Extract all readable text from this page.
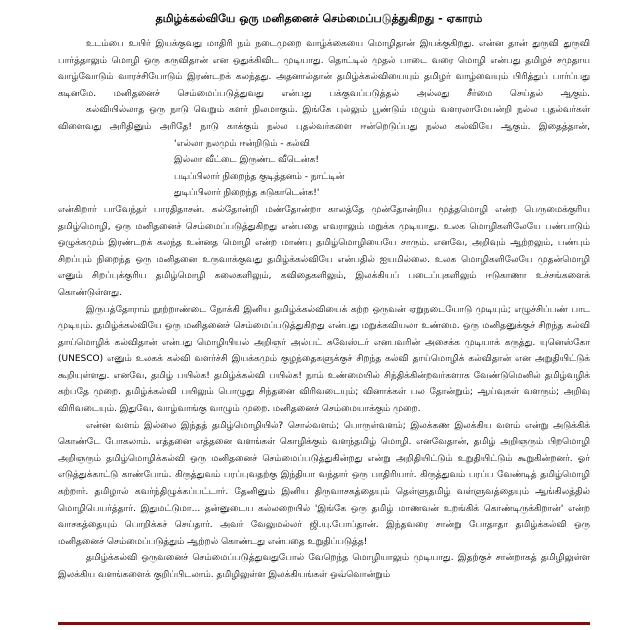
தமிழ்க்கல்வியே ஒரு மனிதனைச் செம்மைப்படுத்துகிறது - ஏகாரம்

உடம்பை உயிர் இயக்குவது மாதிரி நம் நடைமுறை வாழ்க்கையை மொழிதான் இயக்குகிறது. என்ன தான் துருவி துருவி பார்த்தாலும் மொழி ஒரு கருவிதான் என ஒதுக்கிவிட முடியாது. தொட்டில் முதல் பாடை வரை மொழி என்பது தமிழச் சமுதாய வாழ்வோடும் வாரச்சியோடும் இரண்டறக் கலந்தது. அதனால்தான் தமிழ்க்கல்வியையும் தமிழர் வாழ்வையும் பிரித்துப் பார்ப்பது கடினமே. மனிதனைச் செம்மைப்படுத்துவது என்பது பக்குவப்படுத்தல் அல்லது சீர்மை செய்தல் ஆகும்.

கல்வியில்லாத ஒரு நாடு வெறும் களர் நிலமாகும். இங்கே புல்லும் பூண்டும் மழும் வளரலாமேயன்றி நல்ல புதல்வர்கள் விளைவது அரிதினும் அரிதே! நாடு காக்கும் நல்ல புதல்வர்களை ஈன்றெடுப்பது நல்ல கல்வியே ஆகும். இதைத்தான்,

'எல்லா நலமும் ஈன்றிடும் - கல்வி
இல்லா வீட்டை இருண்ட வீடென்க!
படிப்பிலார் நிறைந்த குடித்தனம் - நாட்டின்
துடிப்பிலார் நிறைந்த சுடுகாடென்க!'

என்கிறார் பாவேந்தர் பாரதிதாசன். கல்தோன்றி மண்தோன்றா காலத்தே முன்தோன்றிய மூத்தமொழி என்ற பெருமைக்குரிய தமிழ்மொழி, ஒரு மனிதனைச் செம்மைப்படுத்துகிறது என்பதை எவராலும் மறுக்க முடியாது. உலக மொழிகளிலேயே பண்பாடும் ஒழுக்கமும் இரண்டறக் கலந்த உன்னத மொழி என்ற மாண்பு தமிழ்மொழியையே சாரும். எனவே, அறிவும் ஆற்றலும், பண்பும் சிறப்பும் நிறைந்த ஒரு மனிதனை உருவாக்குவது தமிழ்க்கல்வியே என்பதில் ஐயமில்லை. உலக மொழிகளிலேயே முதன்மொழி எனும் சிறப்புக்குரிய தமிழ்மொழி கலைகளிலும், கவிதைகளிலும், இலக்கியப் படைப்புகளிலும் ஈடுகாணா உச்சங்களைக் கொண்டுள்ளது.

இருபத்தோராம் நூற்றாண்டை நோக்கி இனிய தமிழ்க்கல்வியைக் கற்ற ஒருவன் ஏறுநடையோடு முடியும்; எழுச்சிப்பண் பாட முடியும். தமிழ்க்கல்வியே ஒரு மனிதனைச் செம்மைப்படுத்துகிறது என்பது மறுக்கவியலா உண்மை. ஒரு மனிதனுக்குச் சிறந்த கல்வி தாய்மொழிக் கல்விதான் என்பது மொழியியல் அறிஞர் அல்பட் சுவேஸ்டர் எனபவரின் அசைக்க முடியாக் கருத்து. யுனெஸ்கோ (UNESCO) எனும் உலகக் கல்வி வளர்ச்சி இயக்கமும் குழந்தைகளுக்குச் சிறந்த கல்வி தாய்மொழிக் கல்விதான் என அறுதியிட்டுக் கூறியுள்ளது. எனவே, தமிழ் பயில்க! தமிழ்க்கல்வி பயில்க! நாம் உண்மையில் சிந்திக்கின்றவர்களாக வேண்டுமெனில் தமிழ்வழிக் கற்பதே முறை. தமிழ்க்கல்வி பயிலும் பொழுது சிந்தனை விரிவடையும்; வினாக்கள் பல தோன்றும்; ஆய்வுகள் வளரும்; அறிவு விரிவடையும். இதுவே, வாழ்வாங்கு வாழும் முறை. மனிதனைச் செம்மையாக்கும் முறை.

என்ன வளம் இல்லை இந்தத் தமிழ்மொழியில்? சொல்வளம்; பொருள்வளம்; இலக்கண இலக்கிய வளம் என்று அடுக்கிக் கொண்டே போகலாம். எத்தனை எத்தனை வளங்கள் கொழிக்கும் வளந்தமிழ் மொழி. எனவேதான், தமிழ் அறிஞரும் பிறமொழி அறிஞரும் தமிழ்மொழிக்கல்வி ஒரு மனிதனைச் செம்மைப்படுத்துகின்றது என்று அறிதியிட்டும் உறுதியிட்டும் கூறுகின்றனர். ஓர் எடுத்துக்காட்டு காண்போம். கிருத்துவம் பரப்புவதற்கு இந்தியா வந்தார் ஒரு பாதிரியார். கிருத்துவம் பரப்ப வேண்டித் தமிழ்மொழி கற்றார். தமிழால் கவர்ந்திழுக்கப்பட்டார். தேனினும் இனிய திருவாசகத்தையும் தெள்ளுதமிழ் வள்ளுவத்தையும் ஆங்கிலத்தில் மொழிபெயர்த்தார். இதுமட்டுமா... தன்னுடைய கல்லறையில் 'இங்கே ஒரு தமிழ் மாணவன் உறங்கிக் கொண்டிருக்கிறான்' என்ற வாசகத்தையும் பொறிக்கச் செய்தார். அவர் வேலுமல்லர் ஜி.யு.போப்தான். இந்தவரை சான்று போதாதா தமிழ்க்கல்வி ஒரு மனிதனைச் செம்மைப்படுத்தும் ஆற்றல் கொண்டது என்பதை உறுதிப்படுத்த!

தமிழ்க்கல்வி ஒருவனைச் செம்மைப்படுத்துவதுபோல் வேறெந்த மொழியாலும் முடியாது. இதற்குச் சான்றாகத் தமிழிலுள்ள இலக்கிய வளங்களைக் குறிப்பிடலாம். தமிழிலுள்ள இலக்கியங்கள் ஒவ்வொன்றும்
